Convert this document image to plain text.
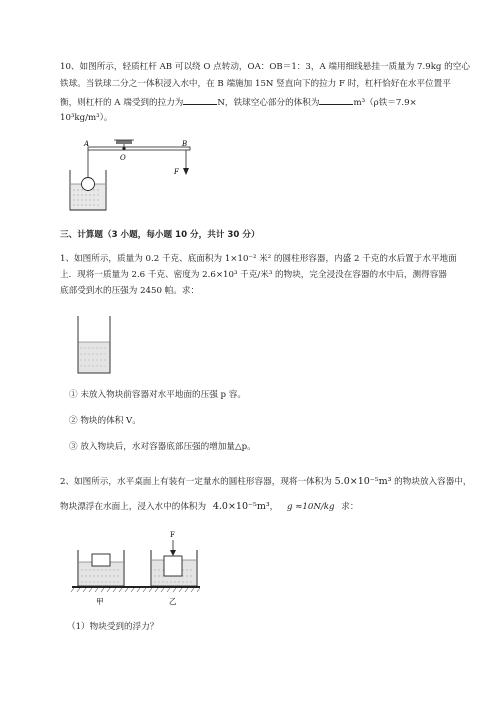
10、如图所示，轻质杠杆 AB 可以绕 O 点转动，OA：OB＝1：3，A 端用细线悬挂一质量为 7.9kg 的空心
铁球。当铁球二分之一体积浸入水中，在 B 端施加 15N 竖直向下的拉力 F 时，杠杆恰好在水平位置平
衡，则杠杆的 A 端受到的拉力为	N，铁球空心部分的体积为	m³（ρ铁＝7.9×
10³kg/m³）。
A	B
O
F
三、计算题（3 小题，每小题 10 分，共计 30 分）
1、如图所示，质量为 0.2 千克、底面积为 1×10⁻² 米² 的圆柱形容器，内盛 2 千克的水后置于水平地面
上．现将一质量为 2.6 千克、密度为 2.6×10³ 千克/米³ 的物块，完全浸没在容器的水中后，测得容器
底部受到水的压强为 2450 帕。求：
① 未放入物块前容器对水平地面的压强 p 容。
② 物块的体积 V。
③ 放入物块后，水对容器底部压强的增加量△p。
2、如图所示，水平桌面上有装有一定量水的圆柱形容器，现将一体积为 5.0×10⁻⁵m³ 的物块放入容器中，
物块漂浮在水面上，浸入水中的体积为 4.0×10⁻⁵m³， g ≈10N/kg 求：
F
甲	乙
（1）物块受到的浮力？
